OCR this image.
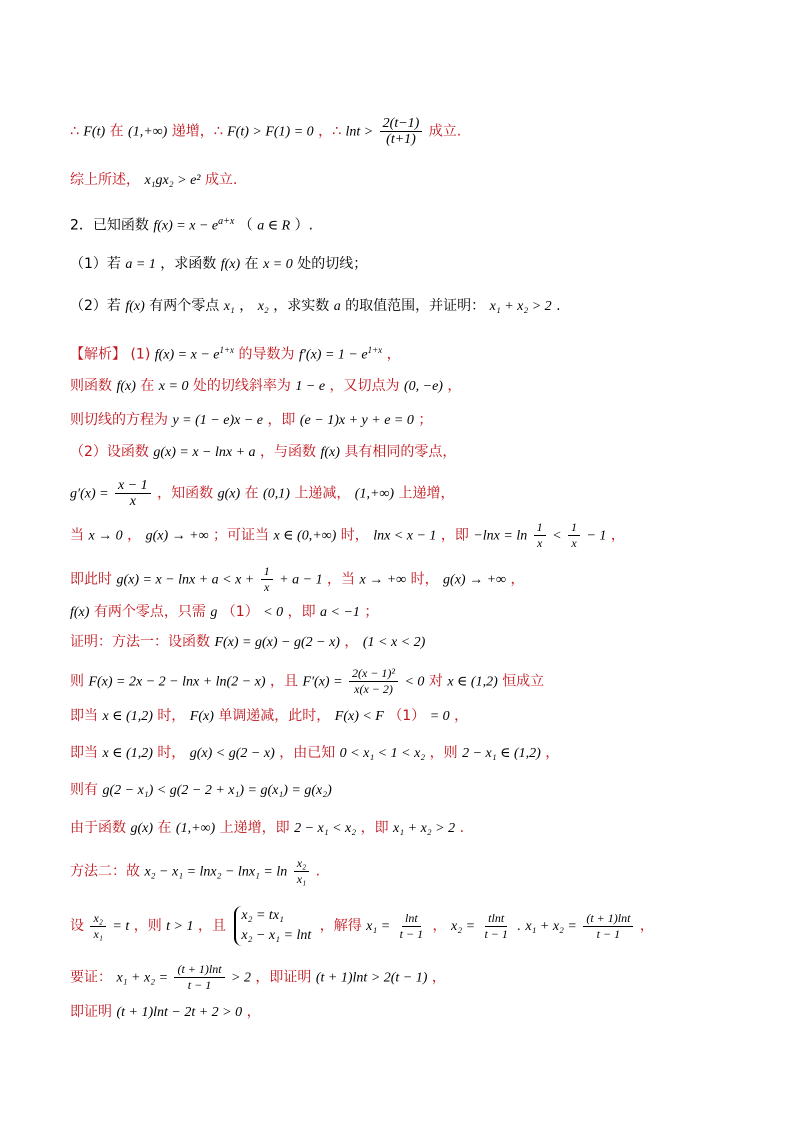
∴ F(t) 在 (1,+∞) 递增，∴ F(t) > F(1) = 0 ，∴ $\ln t > \frac{2(t-1)}{(t+1)}$ 成立.
综上所述， x₁gx₂ > e² 成立.
2．已知函数 $f(x) = x - e^{a+x}$ （ a ∈ R ）.
（1）若 a = 1 ，求函数 f(x) 在 x = 0 处的切线；
（2）若 f(x) 有两个零点 x₁ ， x₂ ，求实数 a 的取值范围，并证明： x₁ + x₂ > 2 .
【解析】 (1) $f(x) = x - e^{1+x}$ 的导数为 $f'(x) = 1 - e^{1+x}$ ，
则函数 f(x) 在 x = 0 处的切线斜率为 1 − e ，又切点为 (0, −e) ，
则切线的方程为 y = (1 − e)x − e ，即 (e − 1)x + y + e = 0 ；
（2）设函数 g(x) = x − lnx + a ，与函数 f(x) 具有相同的零点，
$g'(x) = \frac{x - 1}{x}$ ，知函数 g(x) 在 (0,1) 上递减， (1,+∞) 上递增，
当 x → 0 ， g(x) → +∞ ；可证当 x ∈ (0,+∞) 时， lnx < x − 1 ，即 $-\ln x = \ln \frac{1}{x} < \frac{1}{x} - 1$ ，
即此时 $g(x) = x - \ln x + a < x + \frac{1}{x} + a - 1$ ，当 x → +∞ 时， g(x) → +∞ ，
f(x) 有两个零点，只需 g （1） < 0 ，即 a < −1 ；
证明：方法一：设函数 F(x) = g(x) − g(2 − x) ， (1 < x < 2)
则 F(x) = 2x − 2 − lnx + ln(2 − x) ，且 $F'(x) = \frac{\text{2(x − 1)²}}{x(x - 2)} < 0$ 对 x ∈ (1,2) 恒成立
即当 x ∈ (1,2) 时， F(x) 单调递减，此时， F(x) < F （1） = 0 ，
即当 x ∈ (1,2) 时， g(x) < g(2 − x) ，由已知 0 < x₁ < 1 < x₂ ，则 2 − x₁ ∈ (1,2) ，
则有 g(2 − x₁) < g(2 − 2 + x₁) = g(x₁) = g(x₂)
由于函数 g(x) 在 (1,+∞) 上递增，即 2 − x₁ < x₂ ，即 x₁ + x₂ > 2 .
方法二：故 $x_2 - x_1 = \ln x_2 - \ln x_1 = \ln \frac{\text{x₂}}{\text{x₁}}$ .
设 $\frac{\text{x₂}}{\text{x₁}} = t$ ，则 t > 1 ，且
x₂ = tx₁
x₂ − x₁ = lnt
，解得 $x_1 = \frac{\ln t}{t - 1}$ ， $x_2 = \frac{tlnt}{t - 1}$ . $x_1 + x_2 = \frac{(t + 1)\ln t}{t - 1}$ ，
要证： $x_1 + x_2 = \frac{(t + 1)\ln t}{t - 1} > 2$ ，即证明 (t + 1)lnt > 2(t − 1) ，
即证明 (t + 1)lnt − 2t + 2 > 0 ，
